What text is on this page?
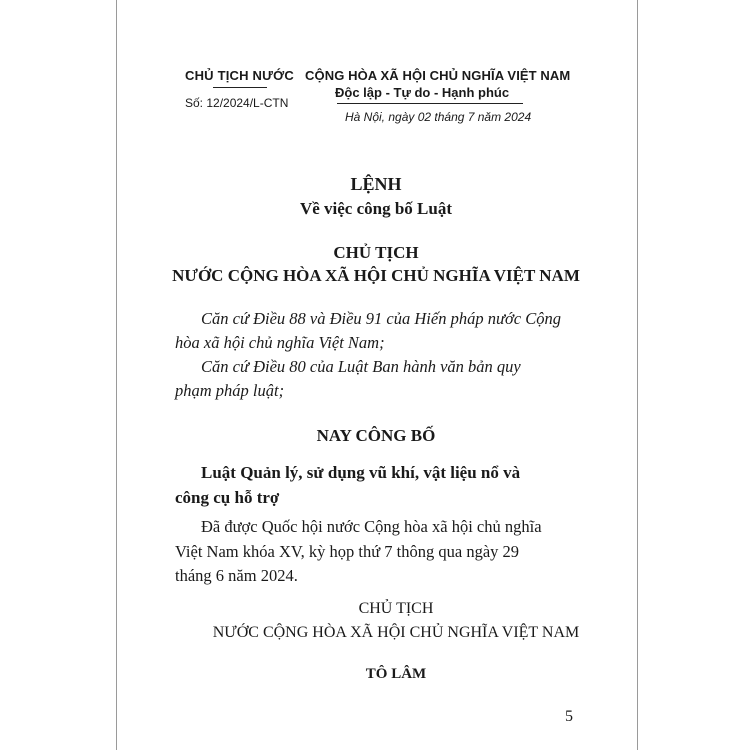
CHỦ TỊCH NƯỚC
Số: 12/2024/L-CTN
CỘNG HÒA XÃ HỘI CHỦ NGHĨA VIỆT NAM
Độc lập - Tự do - Hạnh phúc
Hà Nội, ngày 02 tháng 7 năm 2024
LỆNH
Về việc công bố Luật
CHỦ TỊCH
NƯỚC CỘNG HÒA XÃ HỘI CHỦ NGHĨA VIỆT NAM
Căn cứ Điều 88 và Điều 91 của Hiến pháp nước Cộng
hòa xã hội chủ nghĩa Việt Nam;
Căn cứ Điều 80 của Luật Ban hành văn bản quy
phạm pháp luật;
NAY CÔNG BỐ
Luật Quản lý, sử dụng vũ khí, vật liệu nổ và
công cụ hỗ trợ
Đã được Quốc hội nước Cộng hòa xã hội chủ nghĩa
Việt Nam khóa XV, kỳ họp thứ 7 thông qua ngày 29
tháng 6 năm 2024.
CHỦ TỊCH
NƯỚC CỘNG HÒA XÃ HỘI CHỦ NGHĨA VIỆT NAM
TÔ LÂM
5
